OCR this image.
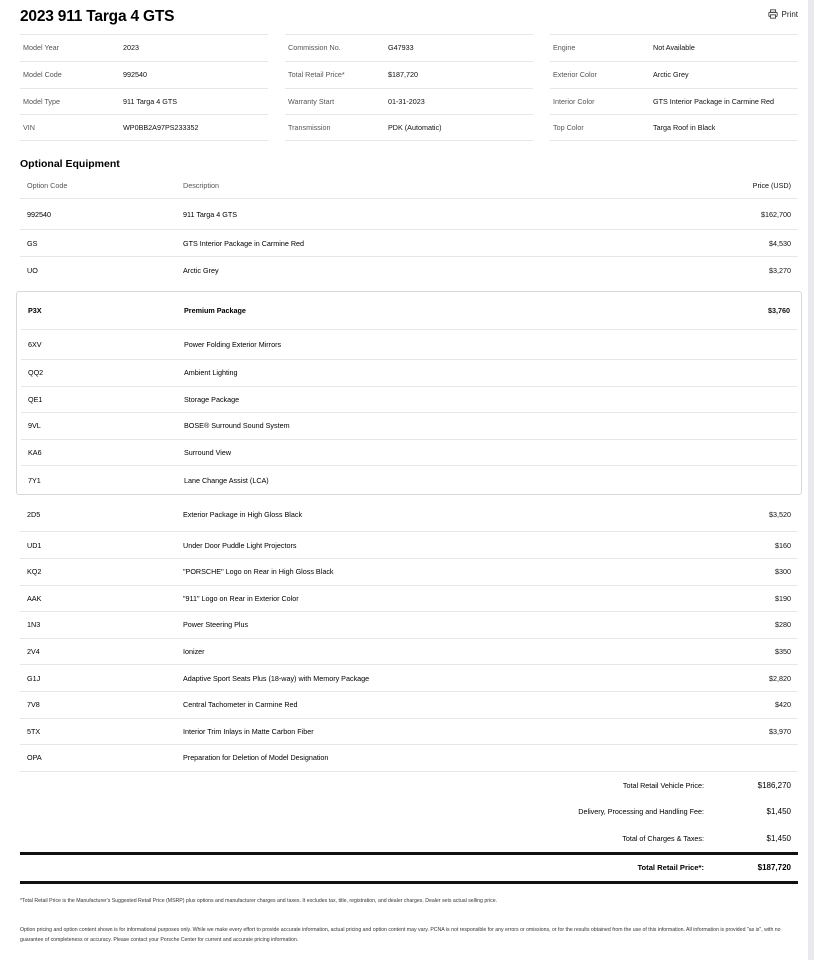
2023 911 Targa 4 GTS	Print
Model Year	2023
Model Code	992540
Model Type	911 Targa 4 GTS
VIN	WP0BB2A97PS233352
Commission No.	G47933
Total Retail Price*	$187,720
Warranty Start	01-31-2023
Transmission	PDK (Automatic)
Engine	Not Available
Exterior Color	Arctic Grey
Interior Color	GTS Interior Package in Carmine Red
Top Color	Targa Roof in Black
Optional Equipment
Option Code	Description	Price (USD)
992540	911 Targa 4 GTS	$162,700
GS	GTS Interior Package in Carmine Red	$4,530
UO	Arctic Grey	$3,270
P3X	Premium Package	$3,760
6XV	Power Folding Exterior Mirrors
QQ2	Ambient Lighting
QE1	Storage Package
9VL	BOSE® Surround Sound System
KA6	Surround View
7Y1	Lane Change Assist (LCA)
2D5	Exterior Package in High Gloss Black	$3,520
UD1	Under Door Puddle Light Projectors	$160
KQ2	"PORSCHE" Logo on Rear in High Gloss Black	$300
AAK	"911" Logo on Rear in Exterior Color	$190
1N3	Power Steering Plus	$280
2V4	Ionizer	$350
G1J	Adaptive Sport Seats Plus (18-way) with Memory Package	$2,820
7V8	Central Tachometer in Carmine Red	$420
5TX	Interior Trim Inlays in Matte Carbon Fiber	$3,970
OPA	Preparation for Deletion of Model Designation
Total Retail Vehicle Price:	$186,270
Delivery, Processing and Handling Fee:	$1,450
Total of Charges & Taxes:	$1,450
Total Retail Price*:	$187,720
*Total Retail Price is the Manufacturer's Suggested Retail Price (MSRP) plus options and manufacturer charges and taxes. It excludes tax, title, registration, and dealer charges. Dealer sets actual selling price.
Option pricing and option content shown is for informational purposes only. While we make every effort to provide accurate information, actual pricing and option content may vary. PCNA is not responsible for any errors or omissions, or for the results obtained from the use of this information. All information is provided "as is", with no guarantee of completeness or accuracy. Please contact your Porsche Center for current and accurate pricing information.
